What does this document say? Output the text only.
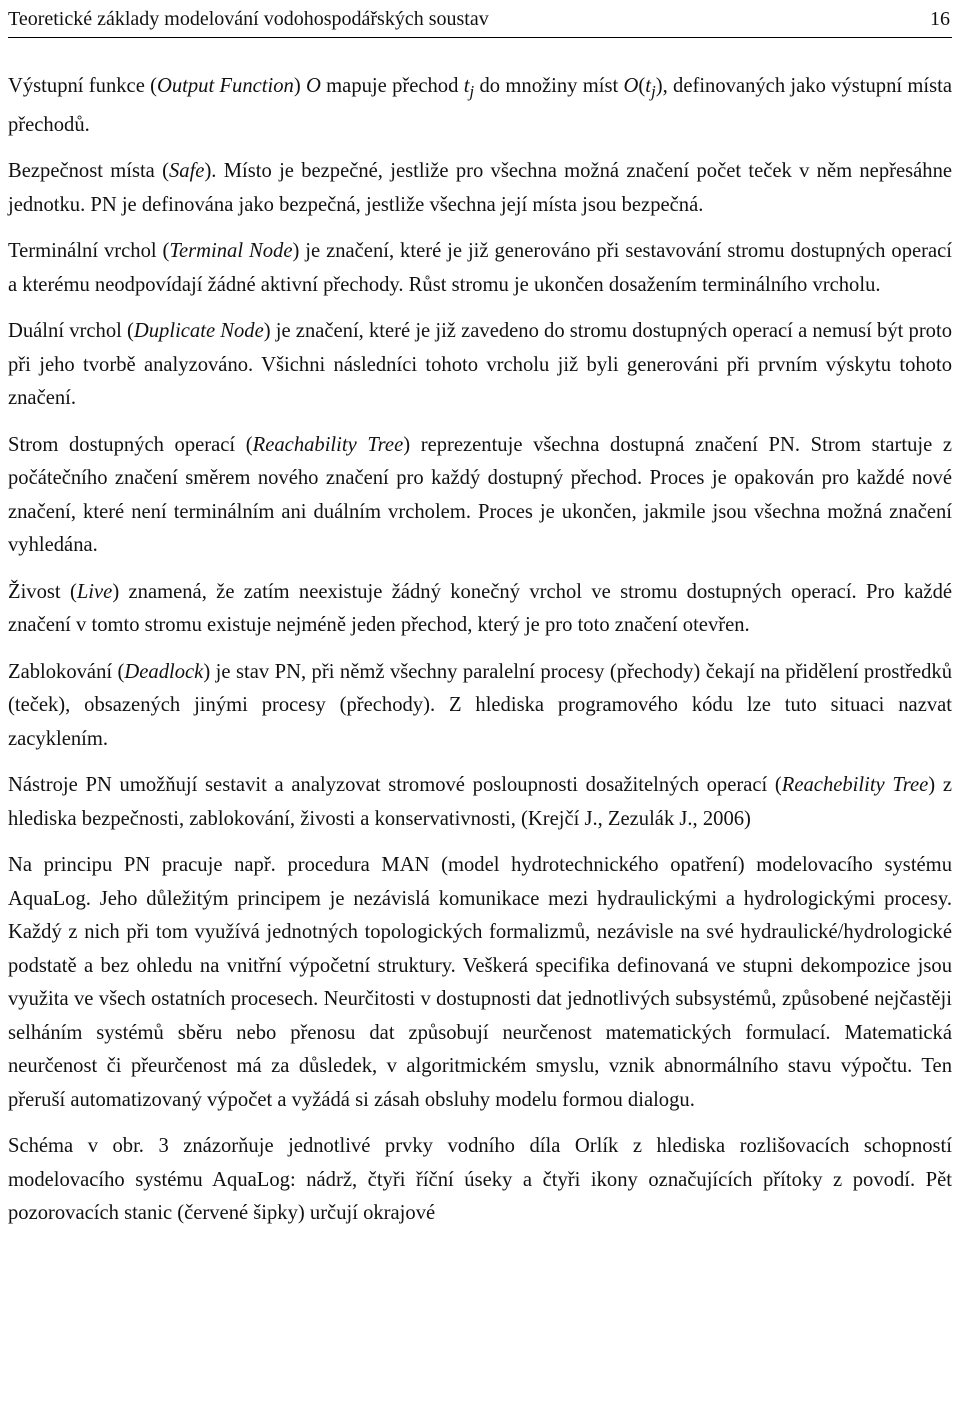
Teoretické základy modelování vodohospodářských soustav	16

Výstupní funkce (Output Function) O mapuje přechod $t_j$ do množiny míst $O(t_j)$, definovaných jako výstupní místa přechodů.

Bezpečnost místa (Safe). Místo je bezpečné, jestliže pro všechna možná značení počet teček v něm nepřesáhne jednotku. PN je definována jako bezpečná, jestliže všechna její místa jsou bezpečná.

Terminální vrchol (Terminal Node) je značení, které je již generováno při sestavování stromu dostupných operací a kterému neodpovídají žádné aktivní přechody. Růst stromu je ukončen dosažením terminálního vrcholu.

Duální vrchol (Duplicate Node) je značení, které je již zavedeno do stromu dostupných operací a nemusí být proto při jeho tvorbě analyzováno. Všichni následníci tohoto vrcholu již byli generováni při prvním výskytu tohoto značení.

Strom dostupných operací (Reachability Tree) reprezentuje všechna dostupná značení PN. Strom startuje z počátečního značení směrem nového značení pro každý dostupný přechod. Proces je opakován pro každé nové značení, které není terminálním ani duálním vrcholem. Proces je ukončen, jakmile jsou všechna možná značení vyhledána.

Živost (Live) znamená, že zatím neexistuje žádný konečný vrchol ve stromu dostupných operací. Pro každé značení v tomto stromu existuje nejméně jeden přechod, který je pro toto značení otevřen.

Zablokování (Deadlock) je stav PN, při němž všechny paralelní procesy (přechody) čekají na přidělení prostředků (teček), obsazených jinými procesy (přechody). Z hlediska programového kódu lze tuto situaci nazvat zacyklením.

Nástroje PN umožňují sestavit a analyzovat stromové posloupnosti dosažitelných operací (Reachebility Tree) z hlediska bezpečnosti, zablokování, živosti a konservativnosti, (Krejčí J., Zezulák J., 2006)

Na principu PN pracuje např. procedura MAN (model hydrotechnického opatření) modelovacího systému AquaLog. Jeho důležitým principem je nezávislá komunikace mezi hydraulickými a hydrologickými procesy. Každý z nich při tom využívá jednotných topologických formalizmů, nezávisle na své hydraulické/hydrologické podstatě a bez ohledu na vnitřní výpočetní struktury. Veškerá specifika definovaná ve stupni dekompozice jsou využita ve všech ostatních procesech. Neurčitosti v dostupnosti dat jednotlivých subsystémů, způsobené nejčastěji selháním systémů sběru nebo přenosu dat způsobují neurčenost matematických formulací. Matematická neurčenost či přeurčenost má za důsledek, v algoritmickém smyslu, vznik abnormálního stavu výpočtu. Ten přeruší automatizovaný výpočet a vyžádá si zásah obsluhy modelu formou dialogu.

Schéma v obr. 3 znázorňuje jednotlivé prvky vodního díla Orlík z hlediska rozlišovacích schopností modelovacího systému AquaLog: nádrž, čtyři říční úseky a čtyři ikony označujících přítoky z povodí. Pět pozorovacích stanic (červené šipky) určují okrajové
